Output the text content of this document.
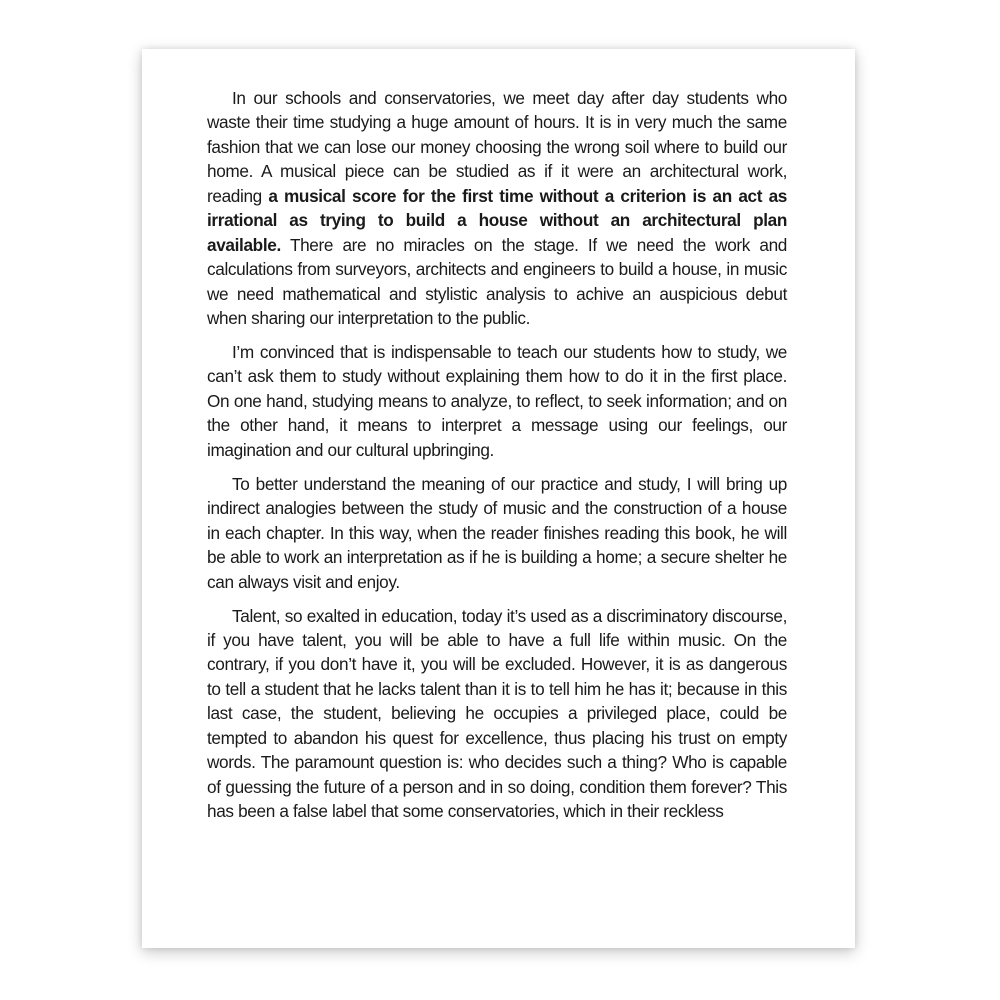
In our schools and conservatories, we meet day after day students who waste their time studying a huge amount of hours. It is in very much the same fashion that we can lose our money choosing the wrong soil where to build our home. A musical piece can be studied as if it were an architectural work, reading a musical score for the first time without a criterion is an act as irrational as trying to build a house without an architectural plan available. There are no miracles on the stage. If we need the work and calculations from surveyors, architects and engineers to build a house, in music we need mathematical and stylistic analysis to achive an auspicious debut when sharing our interpretation to the public.

I’m convinced that is indispensable to teach our students how to study, we can’t ask them to study without explaining them how to do it in the first place. On one hand, studying means to analyze, to reflect, to seek information; and on the other hand, it means to interpret a message using our feelings, our imagination and our cultural upbringing.

To better understand the meaning of our practice and study, I will bring up indirect analogies between the study of music and the construction of a house in each chapter. In this way, when the reader finishes reading this book, he will be able to work an interpretation as if he is building a home; a secure shelter he can always visit and enjoy.

Talent, so exalted in education, today it’s used as a discriminatory discourse, if you have talent, you will be able to have a full life within music. On the contrary, if you don’t have it, you will be excluded. However, it is as dangerous to tell a student that he lacks talent than it is to tell him he has it; because in this last case, the student, believing he occupies a privileged place, could be tempted to abandon his quest for excellence, thus placing his trust on empty words. The paramount question is: who decides such a thing? Who is capable of guessing the future of a person and in so doing, condition them forever? This has been a false label that some conservatories, which in their reckless
